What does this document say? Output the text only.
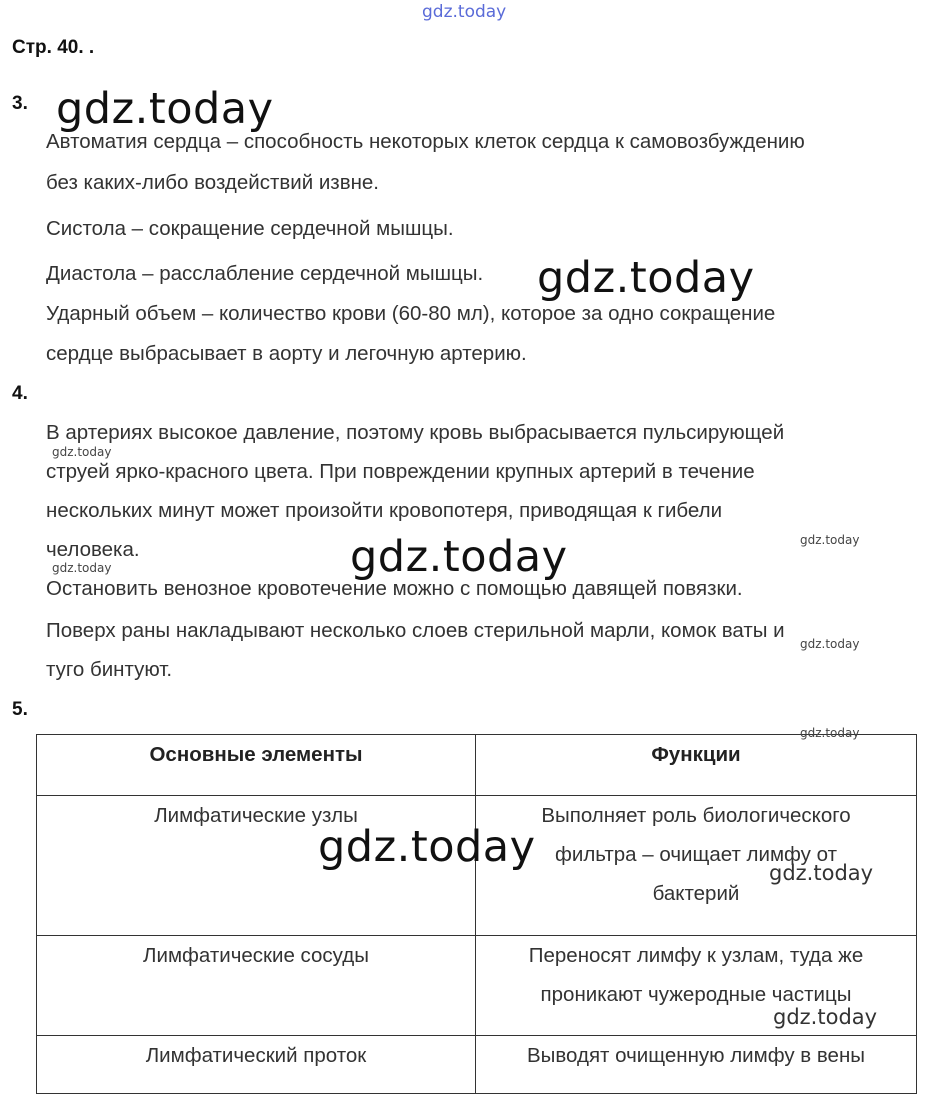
gdz.today
Стр. 40. .
3. gdz.today
Автоматия сердца – способность некоторых клеток сердца к самовозбуждению
без каких-либо воздействий извне.
Систола – сокращение сердечной мышцы.
Диастола – расслабление сердечной мышцы. gdz.today
Ударный объем – количество крови (60-80 мл), которое за одно сокращение
сердце выбрасывает в аорту и легочную артерию.
4.
В артериях высокое давление, поэтому кровь выбрасывается пульсирующей
gdz.today
струей ярко-красного цвета. При повреждении крупных артерий в течение
нескольких минут может произойти кровопотеря, приводящая к гибели
человека.	gdz.today	gdz.today
gdz.today
Остановить венозное кровотечение можно с помощью давящей повязки.
Поверх раны накладывают несколько слоев стерильной марли, комок ваты и
gdz.today
туго бинтуют.
5.
Основные элементы	Функции
Лимфатические узлы	Выполняет роль биологического
фильтра – очищает лимфу от
бактерий

Лимфатические сосуды	Переносят лимфу к узлам, туда же
проникают чужеродные частицы

Лимфатический проток	Выводят очищенную лимфу в вены
gdz.today
gdz.today
gdz.today
gdz.today
